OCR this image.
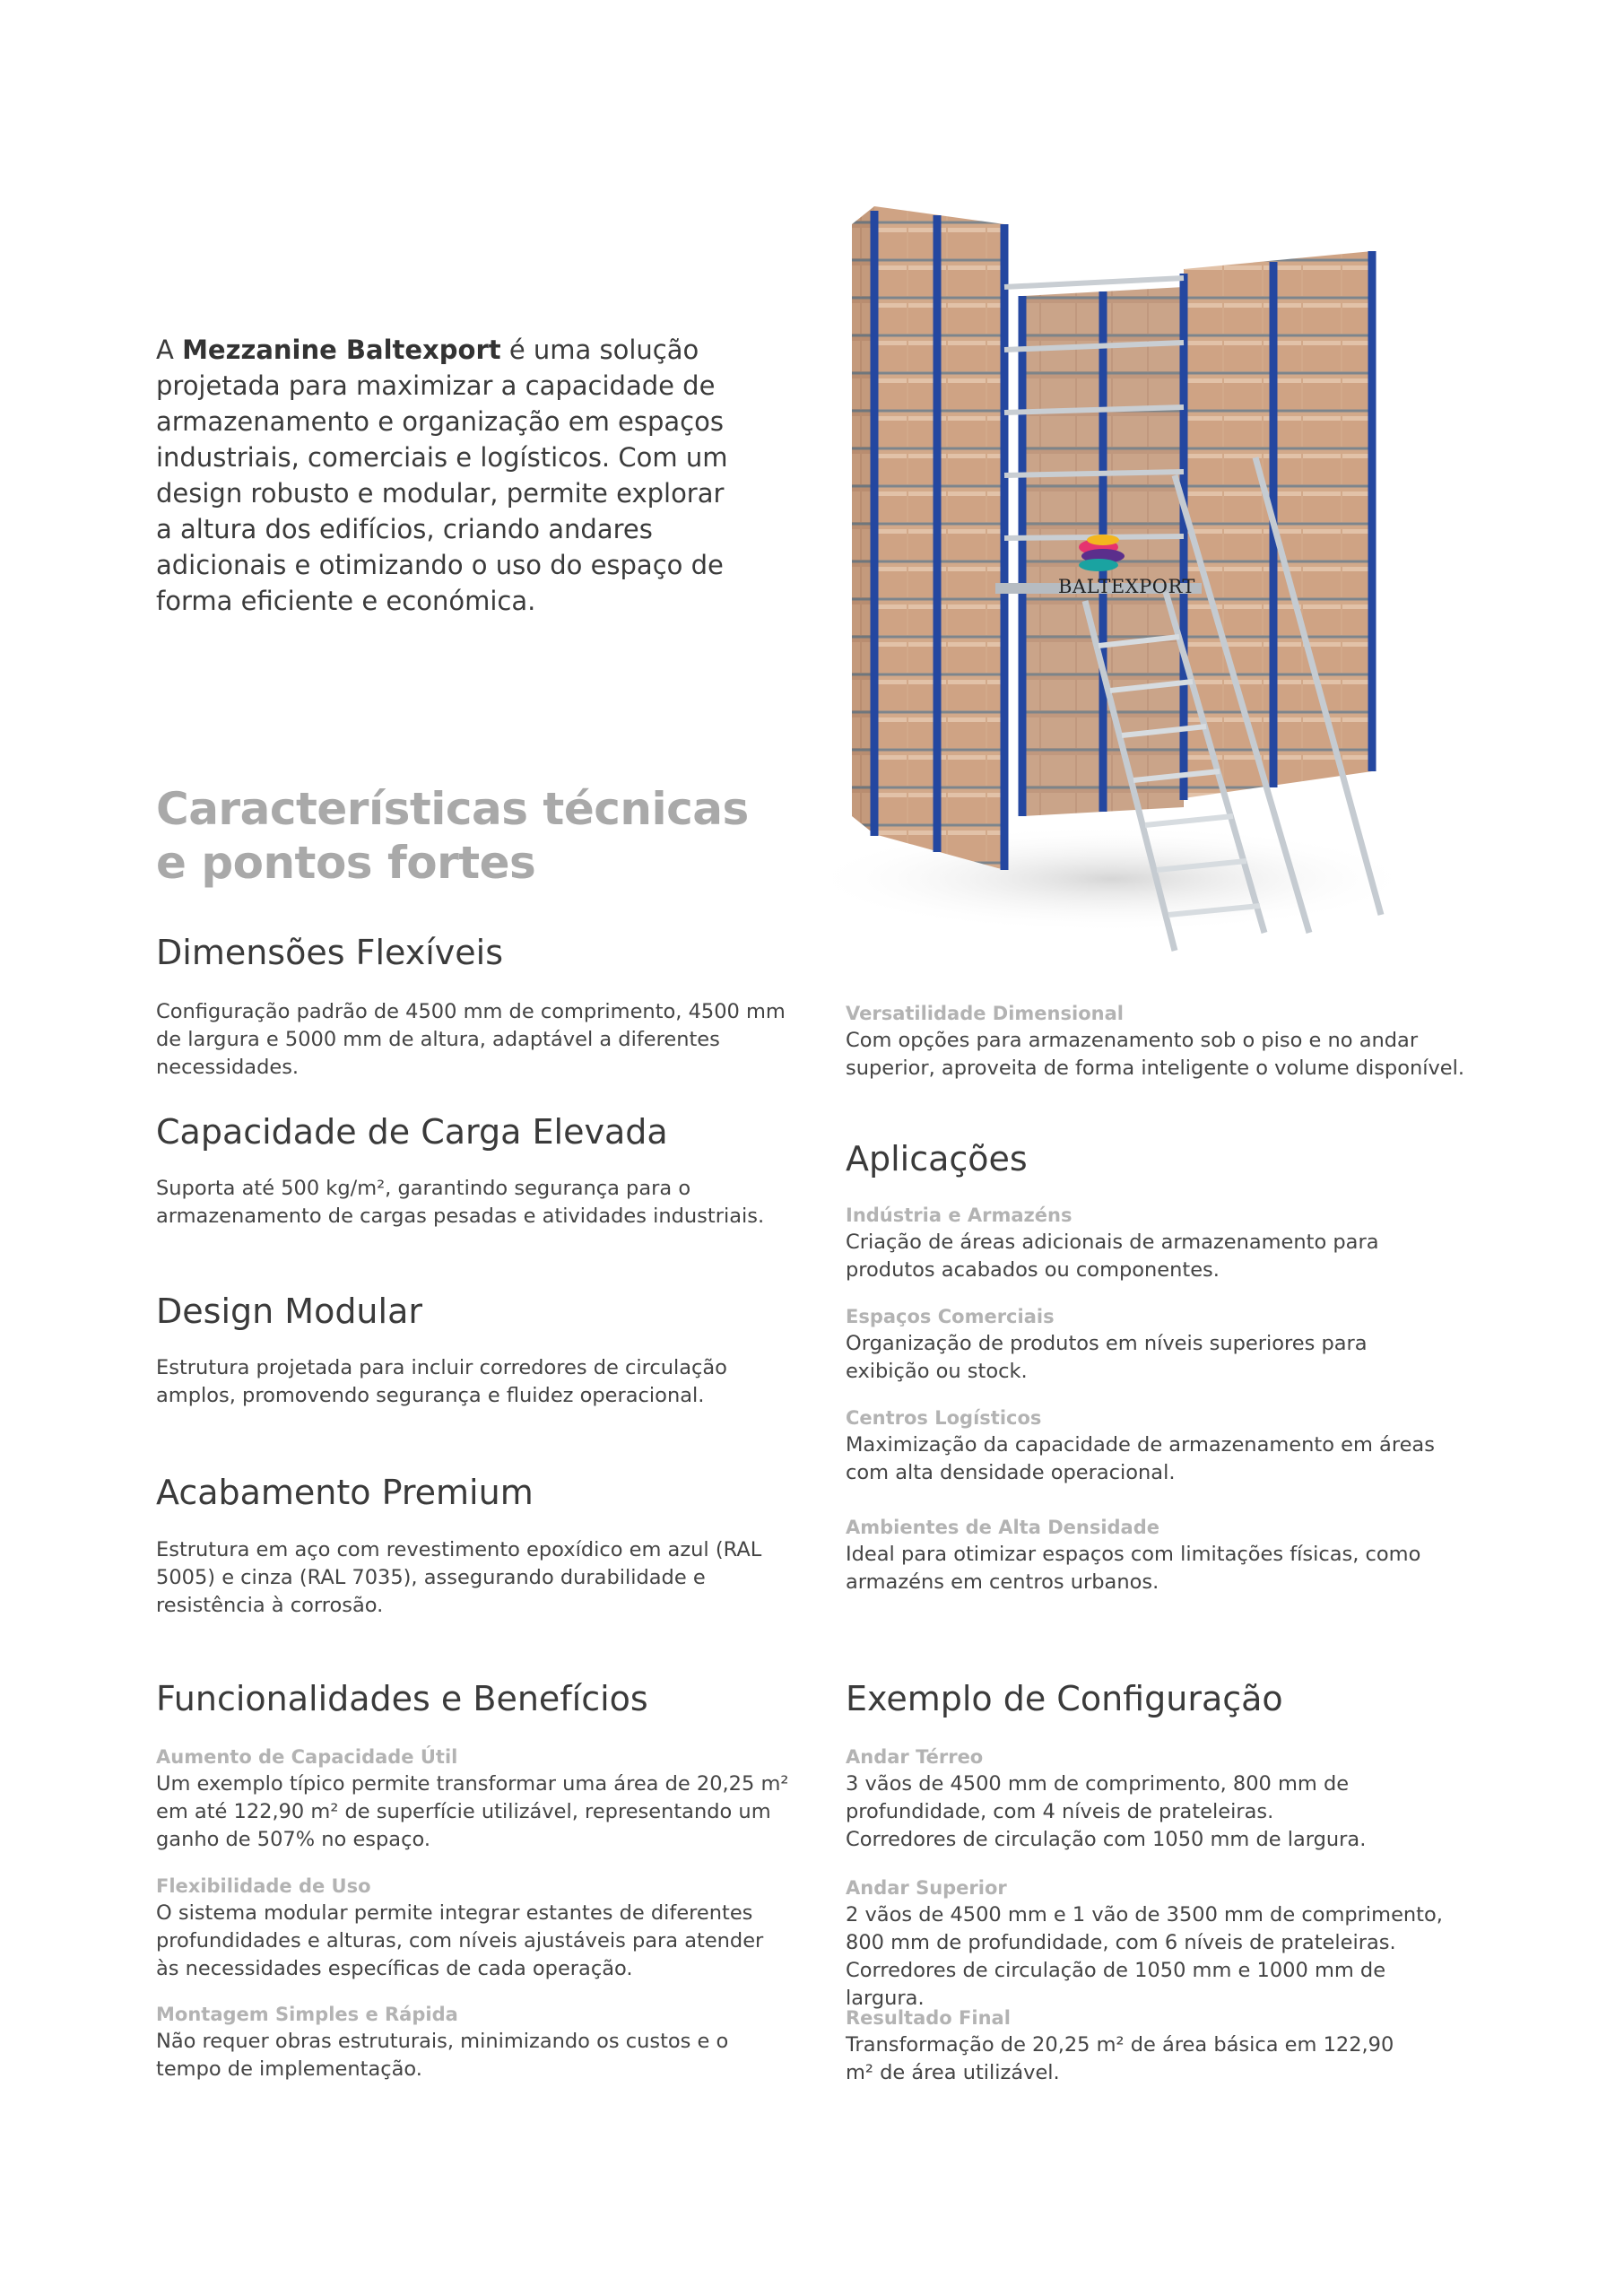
A Mezzanine Baltexport é uma solução projetada para maximizar a capacidade de armazenamento e organização em espaços industriais, comerciais e logísticos. Com um design robusto e modular, permite explorar a altura dos edifícios, criando andares adicionais e otimizando o uso do espaço de forma eficiente e económica.	BALTEXPORT
Características técnicas
e pontos fortes
Dimensões Flexíveis
Configuração padrão de 4500 mm de comprimento, 4500 mm de largura e 5000 mm de altura, adaptável a diferentes necessidades.
Capacidade de Carga Elevada
Suporta até 500 kg/m², garantindo segurança para o armazenamento de cargas pesadas e atividades industriais.
Design Modular
Estrutura projetada para incluir corredores de circulação amplos, promovendo segurança e fluidez operacional.
Acabamento Premium
Estrutura em aço com revestimento epoxídico em azul (RAL 5005) e cinza (RAL 7035), assegurando durabilidade e resistência à corrosão.
Versatilidade Dimensional

Com opções para armazenamento sob o piso e no andar superior, aproveita de forma inteligente o volume disponível.

Aplicações
Indústria e Armazéns

Criação de áreas adicionais de armazenamento para produtos acabados ou componentes.

Espaços Comerciais

Organização de produtos em níveis superiores para exibição ou stock.

Centros Logísticos

Maximização da capacidade de armazenamento em áreas com alta densidade operacional.

Ambientes de Alta Densidade

Ideal para otimizar espaços com limitações físicas, como armazéns em centros urbanos.

Funcionalidades e Benefícios
Aumento de Capacidade Útil

Um exemplo típico permite transformar uma área de 20,25 m² em até 122,90 m² de superfície utilizável, representando um ganho de 507% no espaço.

Flexibilidade de Uso

O sistema modular permite integrar estantes de diferentes profundidades e alturas, com níveis ajustáveis para atender às necessidades específicas de cada operação.

Montagem Simples e Rápida

Não requer obras estruturais, minimizando os custos e o tempo de implementação.

Exemplo de Configuração
Andar Térreo

3 vãos de 4500 mm de comprimento, 800 mm de profundidade, com 4 níveis de prateleiras.

Corredores de circulação com 1050 mm de largura.

Andar Superior

2 vãos de 4500 mm e 1 vão de 3500 mm de comprimento, 800 mm de profundidade, com 6 níveis de prateleiras.

Corredores de circulação de 1050 mm e 1000 mm de largura.

Resultado Final

Transformação de 20,25 m² de área básica em 122,90 m² de área utilizável.
